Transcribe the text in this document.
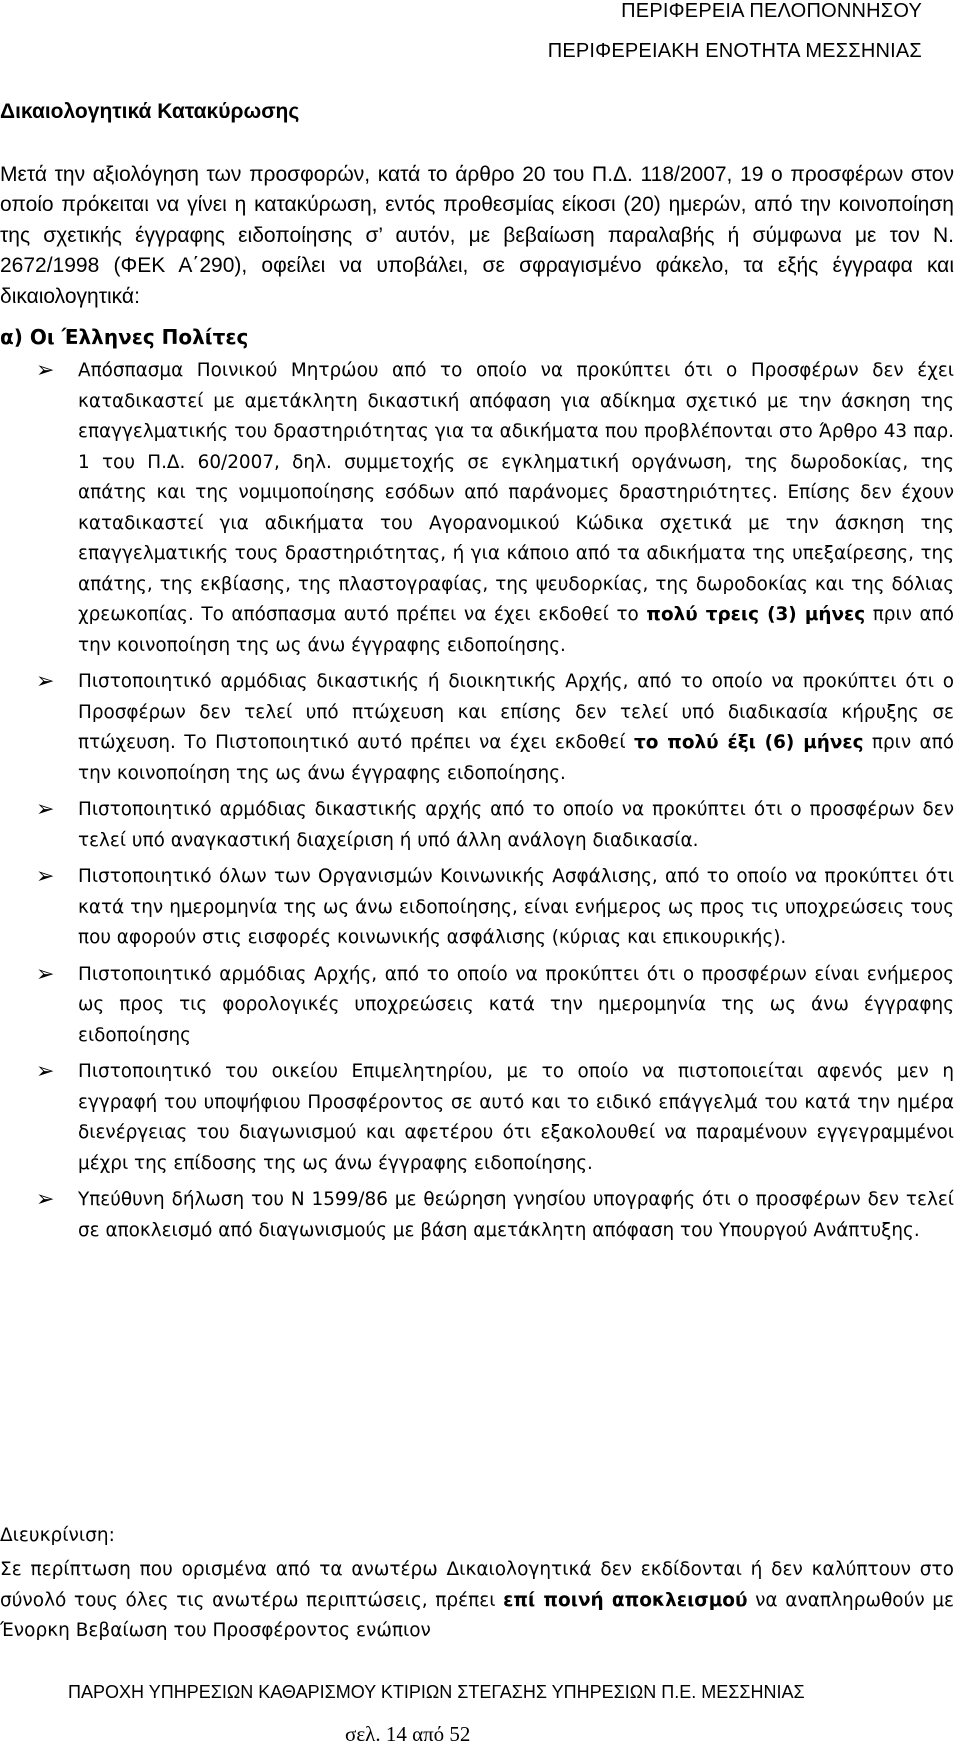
ΠΕΡΙΦΕΡΕΙΑ ΠΕΛΟΠΟΝΝΗΣΟΥ
ΠΕΡΙΦΕΡΕΙΑΚΗ ΕΝΟΤΗΤΑ ΜΕΣΣΗΝΙΑΣ
Δικαιολογητικά Κατακύρωσης
Μετά την αξιολόγηση των προσφορών, κατά το άρθρο 20 του Π.Δ. 118/2007, 19 ο προσφέρων στον οποίο πρόκειται να γίνει η κατακύρωση, εντός προθεσμίας είκοσι (20) ημερών, από την κοινοποίηση της σχετικής έγγραφης ειδοποίησης σ’ αυτόν, με βεβαίωση παραλαβής ή σύμφωνα με τον Ν. 2672/1998 (ΦΕΚ Α΄290), οφείλει να υποβάλει, σε σφραγισμένο φάκελο, τα εξής έγγραφα και δικαιολογητικά:
α) Οι Έλληνες Πολίτες
➢ Απόσπασμα Ποινικού Μητρώου από το οποίο να προκύπτει ότι ο Προσφέρων δεν έχει καταδικαστεί με αμετάκλητη δικαστική απόφαση για αδίκημα σχετικό με την άσκηση της επαγγελματικής του δραστηριότητας για τα αδικήματα που προβλέπονται στο Άρθρο 43 παρ. 1 του Π.Δ. 60/2007, δηλ. συμμετοχής σε εγκληματική οργάνωση, της δωροδοκίας, της απάτης και της νομιμοποίησης εσόδων από παράνομες δραστηριότητες. Επίσης δεν έχουν καταδικαστεί για αδικήματα του Αγορανομικού Κώδικα σχετικά με την άσκηση της επαγγελματικής τους δραστηριότητας, ή για κάποιο από τα αδικήματα της υπεξαίρεσης, της απάτης, της εκβίασης, της πλαστογραφίας, της ψευδορκίας, της δωροδοκίας και της δόλιας χρεωκοπίας. Το απόσπασμα αυτό πρέπει να έχει εκδοθεί το πολύ τρεις (3) μήνες πριν από την κοινοποίηση της ως άνω έγγραφης ειδοποίησης.
➢ Πιστοποιητικό αρμόδιας δικαστικής ή διοικητικής Αρχής, από το οποίο να προκύπτει ότι ο Προσφέρων δεν τελεί υπό πτώχευση και επίσης δεν τελεί υπό διαδικασία κήρυξης σε πτώχευση. Το Πιστοποιητικό αυτό πρέπει να έχει εκδοθεί το πολύ έξι (6) μήνες πριν από την κοινοποίηση της ως άνω έγγραφης ειδοποίησης.
➢ Πιστοποιητικό αρμόδιας δικαστικής αρχής από το οποίο να προκύπτει ότι ο προσφέρων δεν τελεί υπό αναγκαστική διαχείριση ή υπό άλλη ανάλογη διαδικασία.
➢ Πιστοποιητικό όλων των Οργανισμών Κοινωνικής Ασφάλισης, από το οποίο να προκύπτει ότι κατά την ημερομηνία της ως άνω ειδοποίησης, είναι ενήμερος ως προς τις υποχρεώσεις τους που αφορούν στις εισφορές κοινωνικής ασφάλισης (κύριας και επικουρικής).
➢ Πιστοποιητικό αρμόδιας Αρχής, από το οποίο να προκύπτει ότι ο προσφέρων είναι ενήμερος ως προς τις φορολογικές υποχρεώσεις κατά την ημερομηνία της ως άνω έγγραφης ειδοποίησης
➢ Πιστοποιητικό του οικείου Επιμελητηρίου, με το οποίο να πιστοποιείται αφενός μεν η εγγραφή του υποψήφιου Προσφέροντος σε αυτό και το ειδικό επάγγελμά του κατά την ημέρα διενέργειας του διαγωνισμού και αφετέρου ότι εξακολουθεί να παραμένουν εγγεγραμμένοι μέχρι της επίδοσης της ως άνω έγγραφης ειδοποίησης.
➢ Υπεύθυνη δήλωση του Ν 1599/86 με θεώρηση γνησίου υπογραφής ότι ο προσφέρων δεν τελεί σε αποκλεισμό από διαγωνισμούς με βάση αμετάκλητη απόφαση του Υπουργού Ανάπτυξης.
Διευκρίνιση:
Σε περίπτωση που ορισμένα από τα ανωτέρω Δικαιολογητικά δεν εκδίδονται ή δεν καλύπτουν στο σύνολό τους όλες τις ανωτέρω περιπτώσεις, πρέπει επί ποινή αποκλεισμού να αναπληρωθούν με Ένορκη Βεβαίωση του Προσφέροντος ενώπιον
ΠΑΡΟΧΗ ΥΠΗΡΕΣΙΩΝ ΚΑΘΑΡΙΣΜΟΥ ΚΤΙΡΙΩΝ ΣΤΕΓΑΣΗΣ ΥΠΗΡΕΣΙΩΝ Π.Ε. ΜΕΣΣΗΝΙΑΣ
σελ. 14 από 52
